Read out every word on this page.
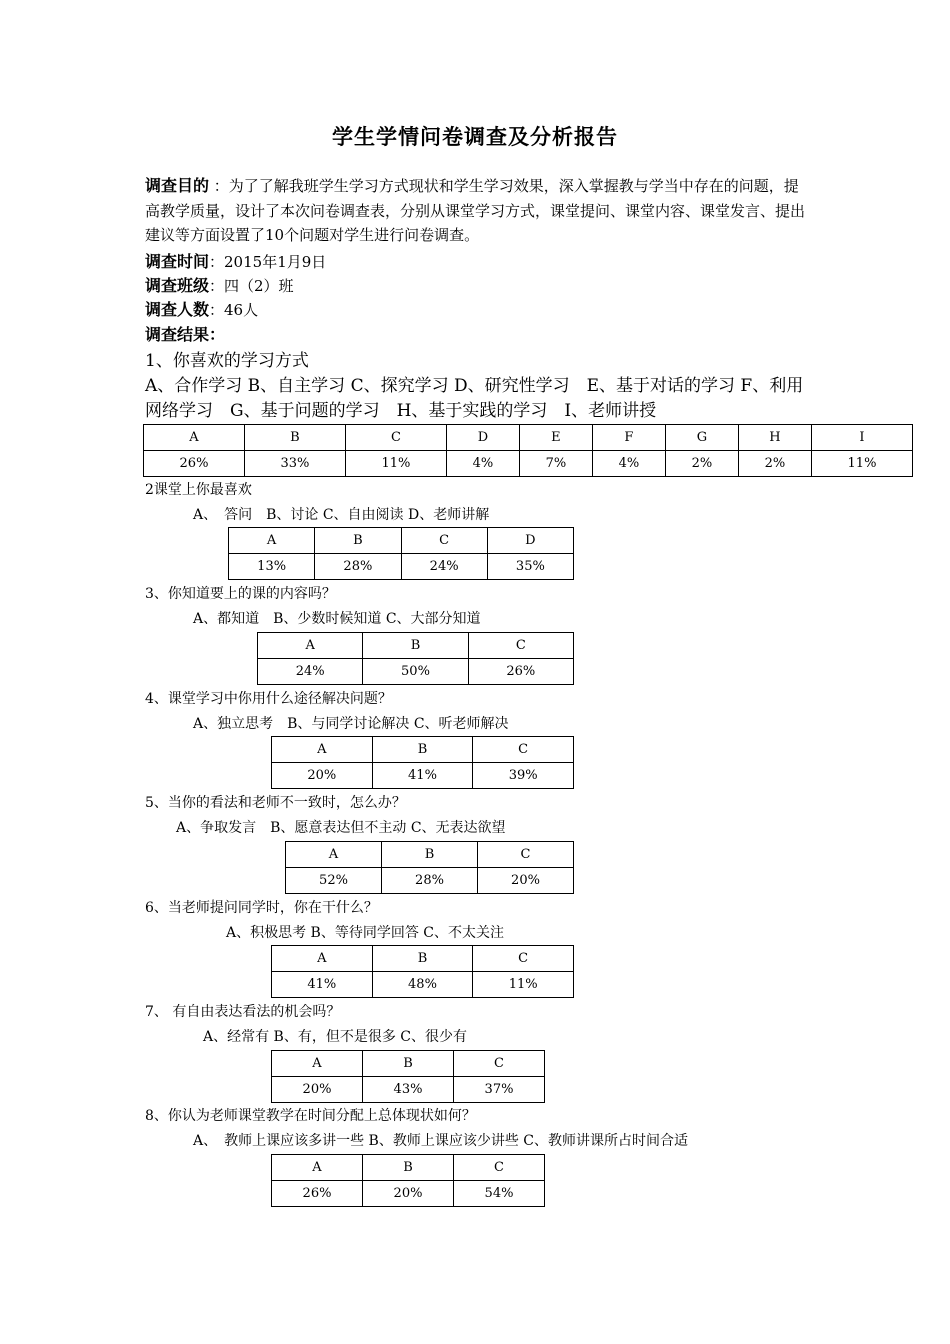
学生学情问卷调查及分析报告
调查目的 ：为了了解我班学生学习方式现状和学生学习效果，深入掌握教与学当中存在的问题，提高教学质量，设计了本次问卷调查表，分别从课堂学习方式，课堂提问、课堂内容、课堂发言、提出建议等方面设置了10个问题对学生进行问卷调查。
调查时间：2015年1月9日
调查班级：四（2）班
调查人数：46人
调查结果：
1、你喜欢的学习方式
A、合作学习 B、自主学习 C、探究学习 D、研究性学习　E、基于对话的学习 F、利用
网络学习　G、基于问题的学习　H、基于实践的学习　I、老师讲授
A	B	C	D	E	F	G	H	I
26%	33%	11%	4%	7%	4%	2%	2%	11%
2课堂上你最喜欢
A、　答问　B、讨论 C、自由阅读 D、老师讲解
A	B	C	D
13%	28%	24%	35%
3、你知道要上的课的内容吗？
A、都知道　B、少数时候知道 C、大部分知道
A	B	C
24%	50%	26%
4、课堂学习中你用什么途径解决问题？
A、独立思考　B、与同学讨论解决 C、听老师解决
A	B	C
20%	41%	39%
5、当你的看法和老师不一致时，怎么办？
A、争取发言　B、愿意表达但不主动 C、无表达欲望
A	B	C
52%	28%	20%
6、当老师提问同学时，你在干什么？
A、积极思考 B、等待同学回答 C、不太关注
A	B	C
41%	48%	11%
7、 有自由表达看法的机会吗？
A、经常有 B、有，但不是很多 C、很少有
A	B	C
20%	43%	37%
8、你认为老师课堂教学在时间分配上总体现状如何？
A、　教师上课应该多讲一些 B、教师上课应该少讲些 C、教师讲课所占时间合适
A	B	C
26%	20%	54%
